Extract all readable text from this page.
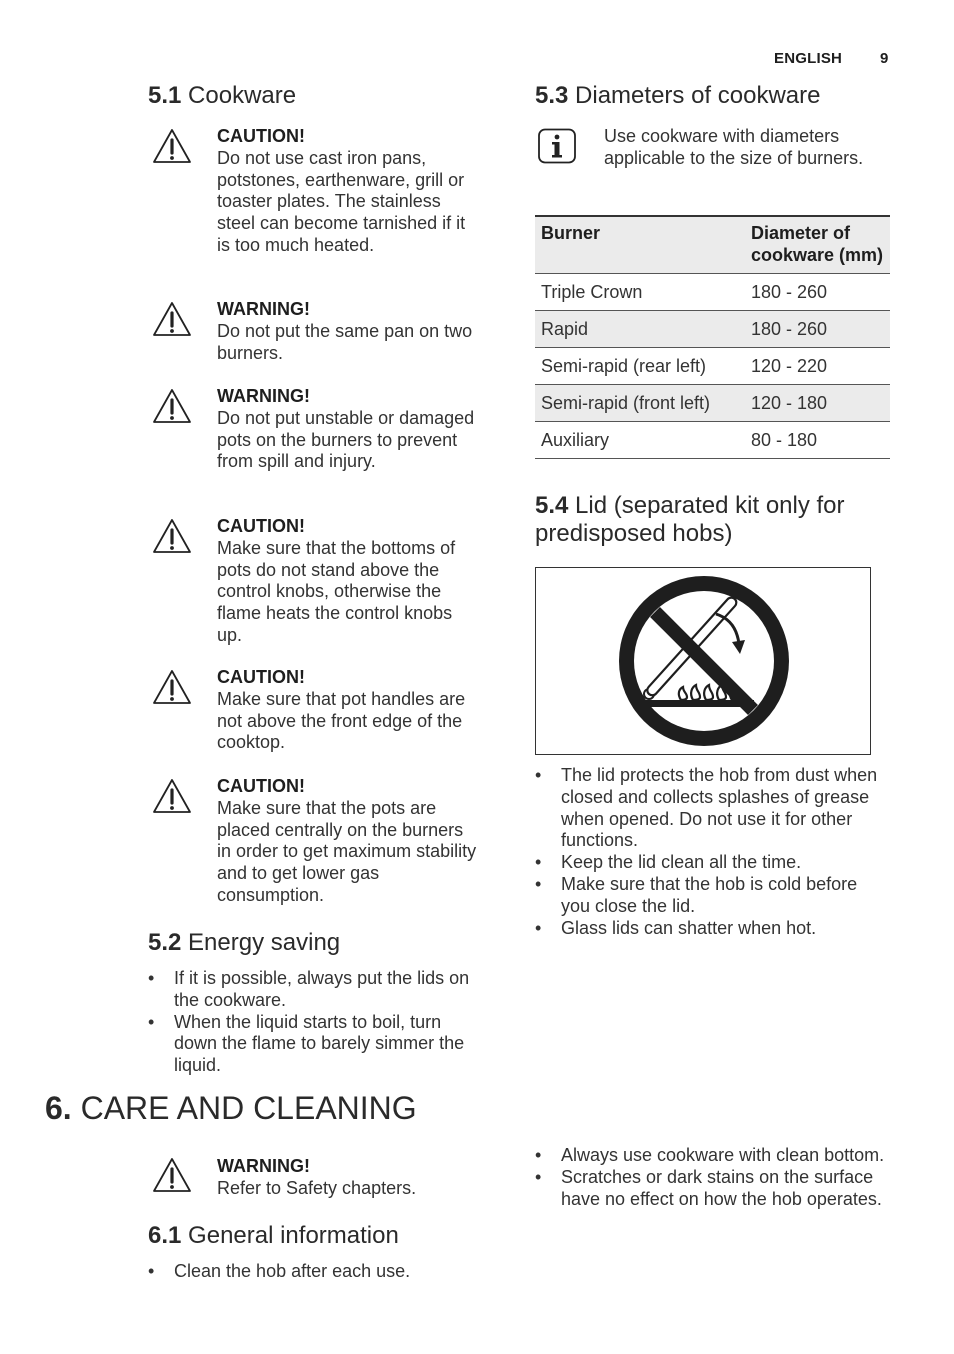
ENGLISH	9
5.1 Cookware
CAUTION!
Do not use cast iron pans, potstones, earthenware, grill or toaster plates. The stainless steel can become tarnished if it is too much heated.
WARNING!
Do not put the same pan on two burners.
WARNING!
Do not put unstable or damaged pots on the burners to prevent from spill and injury.
CAUTION!
Make sure that the bottoms of pots do not stand above the control knobs, otherwise the flame heats the control knobs up.
CAUTION!
Make sure that pot handles are not above the front edge of the cooktop.
CAUTION!
Make sure that the pots are placed centrally on the burners in order to get maximum stability and to get lower gas consumption.
5.2 Energy saving
• If it is possible, always put the lids on the cookware.
• When the liquid starts to boil, turn down the flame to barely simmer the liquid.
5.3 Diameters of cookware
Use cookware with diameters applicable to the size of burners.
Burner	Diameter of cookware (mm)
Triple Crown	180 - 260
Rapid	180 - 260
Semi-rapid (rear left)	120 - 220
Semi-rapid (front left)	120 - 180
Auxiliary	80 - 180
5.4 Lid (separated kit only for predisposed hobs)
• The lid protects the hob from dust when closed and collects splashes of grease when opened. Do not use it for other functions.
• Keep the lid clean all the time.
• Make sure that the hob is cold before you close the lid.
• Glass lids can shatter when hot.
6. CARE AND CLEANING
WARNING!
Refer to Safety chapters.
6.1 General information
• Clean the hob after each use.
• Always use cookware with clean bottom.
• Scratches or dark stains on the surface have no effect on how the hob operates.
